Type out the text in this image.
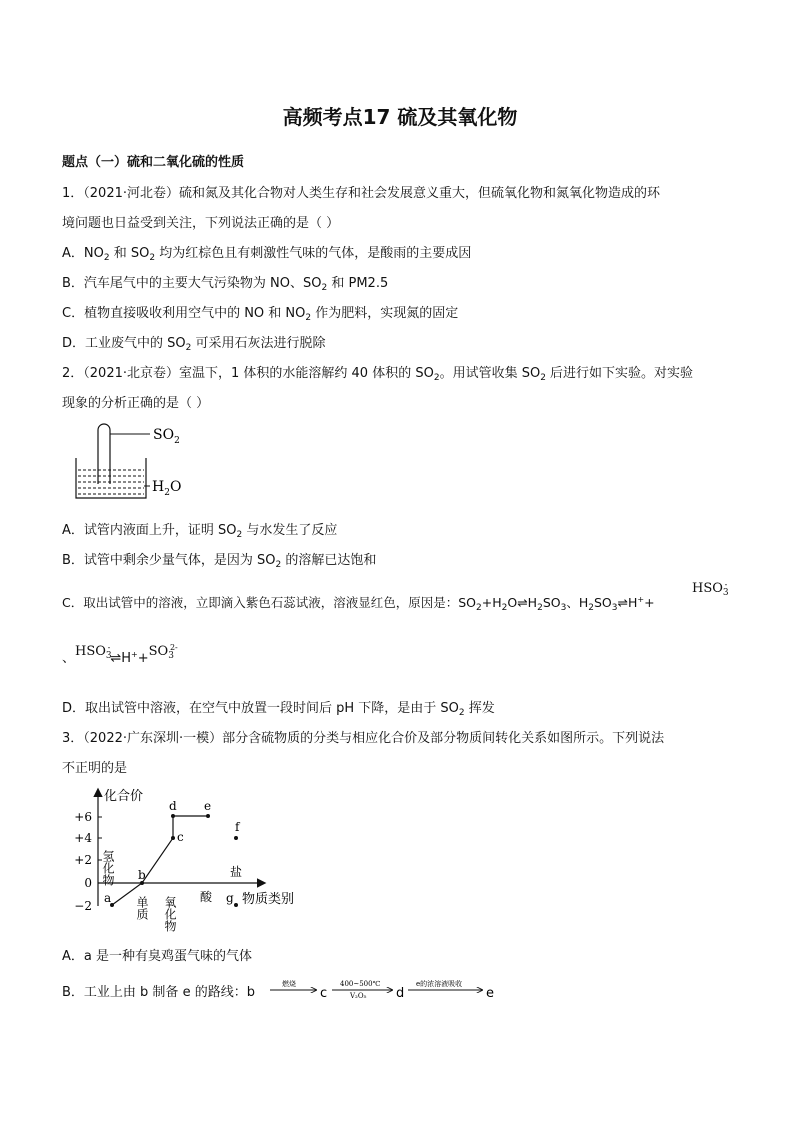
高频考点17 硫及其氧化物
题点（一）硫和二氧化硫的性质
1．（2021·河北卷）硫和氮及其化合物对人类生存和社会发展意义重大，但硫氧化物和氮氧化物造成的环
境问题也日益受到关注，下列说法正确的是（ ）
A．$NO_2$ 和 $SO_2$ 均为红棕色且有刺激性气味的气体，是酸雨的主要成因
B．汽车尾气中的主要大气污染物为 NO、$SO_2$ 和 PM2.5
C．植物直接吸收利用空气中的 NO 和 $NO_2$ 作为肥料，实现氮的固定
D．工业废气中的 $SO_2$ 可采用石灰法进行脱除
2．（2021·北京卷）室温下，1 体积的水能溶解约 40 体积的 $SO_2$。用试管收集 $SO_2$ 后进行如下实验。对实验
现象的分析正确的是（ ）
$SO_2$
$H_2O$
A．试管内液面上升，证明 $SO_2$ 与水发生了反应
B．试管中剩余少量气体，是因为 $SO_2$ 的溶解已达饱和
C．取出试管中的溶液，立即滴入紫色石蕊试液，溶液显红色，原因是：$SO_2+H_2O\rightleftharpoons H_2SO_3$、$H_2SO_3\rightleftharpoons H^++$
$HSO_3^-$
、$HSO_3^-\rightleftharpoons H^++SO_3^{2-}$
D．取出试管中溶液，在空气中放置一段时间后 pH 下降，是由于 $SO_2$ 挥发
3．（2022·广东深圳·一模）部分含硫物质的分类与相应化合价及部分物质间转化关系如图所示。下列说法
不正明的是
化合价
+6
+4
+2
0
−2
氢化物
单质 氧化物 酸
盐
物质类别
a
b
c
d e
f
g
A．a 是一种有臭鸡蛋气味的气体
B．工业上由 b 制备 e 的路线：b
燃烧
c
400~500℃
V₂O₅ d
e的浓溶液吸收
e
